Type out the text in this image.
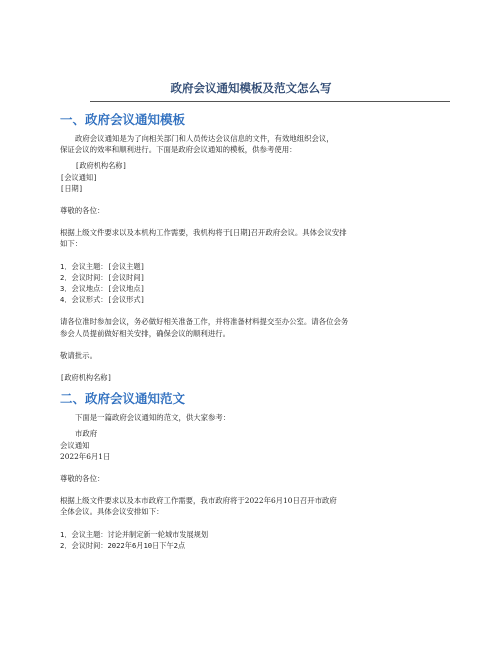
政府会议通知模板及范文怎么写

一、政府会议通知模板

政府会议通知是为了向相关部门和人员传达会议信息的文件，有效地组织会议，

保证会议的效率和顺利进行。下面是政府会议通知的模板，供参考使用：

[政府机构名称]

[会议通知]

[日期]

尊敬的各位：

根据上级文件要求以及本机构工作需要，我机构将于[日期]召开政府会议。具体会议安排

如下：

1．会议主题：[会议主题]

2．会议时间：[会议时间]

3．会议地点：[会议地点]

4．会议形式：[会议形式]

请各位准时参加会议，务必做好相关准备工作，并将准备材料提交至办公室。请各位会务

参会人员提前做好相关安排，确保会议的顺利进行。

敬请批示。

[政府机构名称]

二、政府会议通知范文

下面是一篇政府会议通知的范文，供大家参考：

市政府

会议通知

2022年6月1日

尊敬的各位：

根据上级文件要求以及本市政府工作需要，我市政府将于2022年6月10日召开市政府

全体会议。具体会议安排如下：

1．会议主题：讨论并制定新一轮城市发展规划

2．会议时间：2022年6月10日下午2点
